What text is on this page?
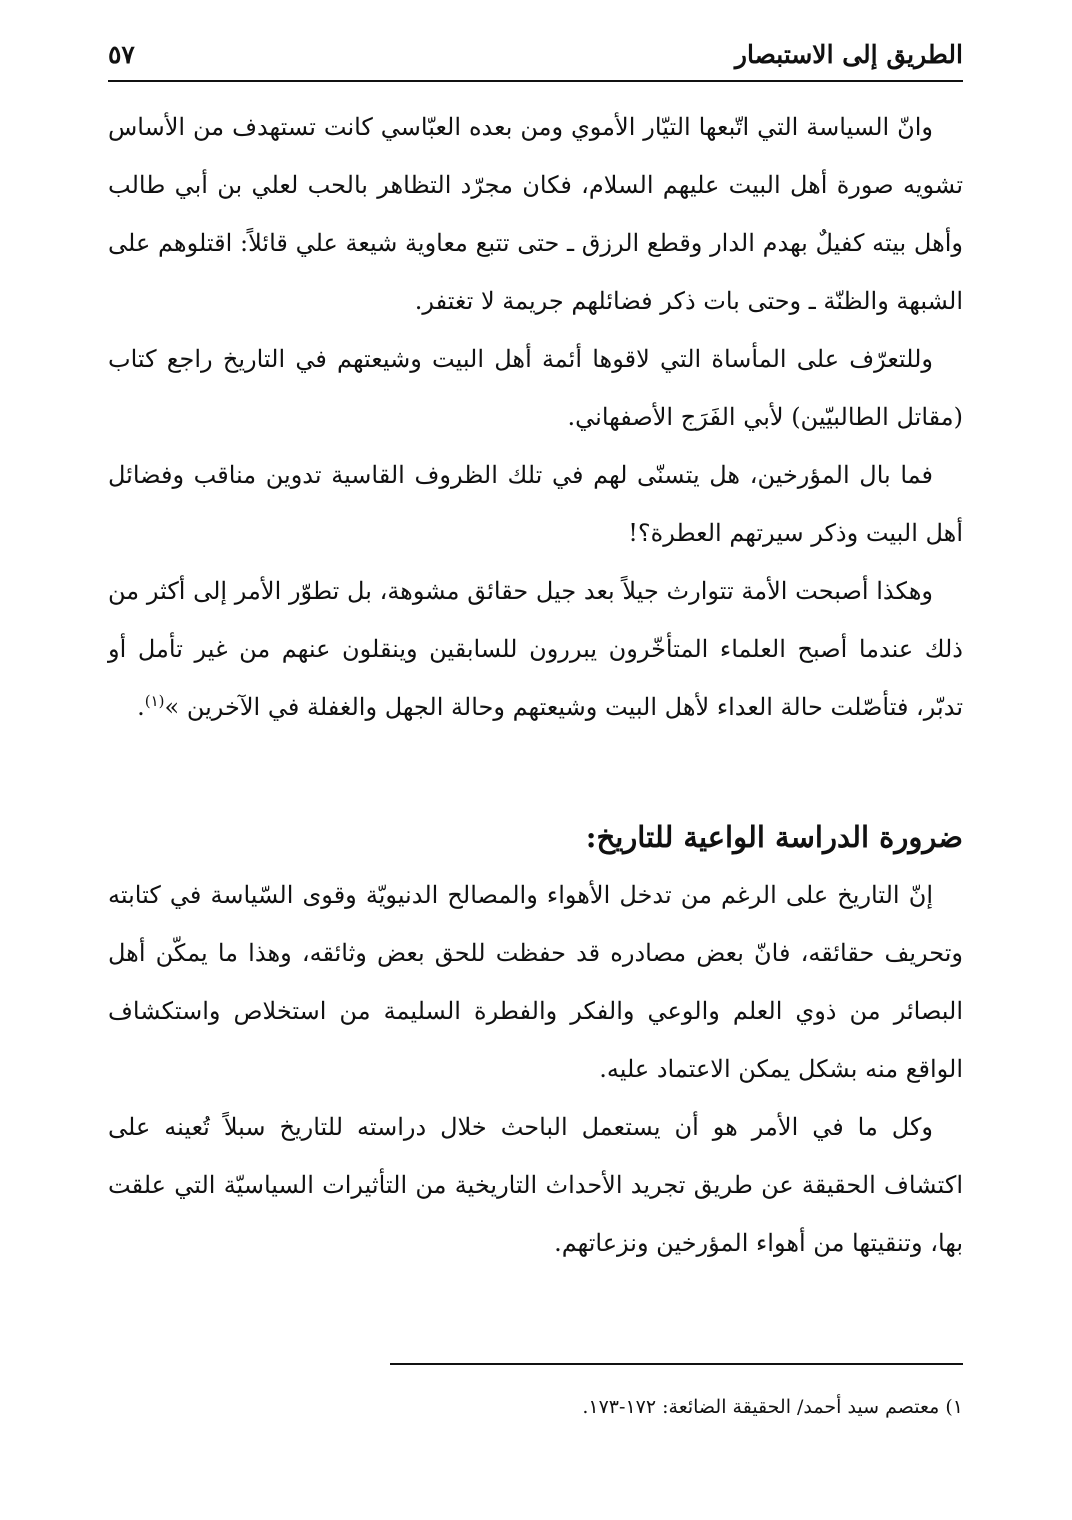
الطريق إلى الاستبصار
٥٧

وانّ السياسة التي اتّبعها التيّار الأموي ومن بعده العبّاسي كانت تستهدف من الأساس تشويه صورة أهل البيت عليهم السلام، فكان مجرّد التظاهر بالحب لعلي بن أبي طالب وأهل بيته كفيلٌ بهدم الدار وقطع الرزق ـ حتى تتبع معاوية شيعة علي قائلاً: اقتلوهم على الشبهة والظنّة ـ وحتى بات ذكر فضائلهم جريمة لا تغتفر.

وللتعرّف على المأساة التي لاقوها أئمة أهل البيت وشيعتهم في التاريخ راجع كتاب (مقاتل الطالبيّين) لأبي الفَرَج الأصفهاني.

فما بال المؤرخين، هل يتسنّى لهم في تلك الظروف القاسية تدوين مناقب وفضائل أهل البيت وذكر سيرتهم العطرة؟!

وهكذا أصبحت الأمة تتوارث جيلاً بعد جيل حقائق مشوهة، بل تطوّر الأمر إلى أكثر من ذلك عندما أصبح العلماء المتأخّرون يبررون للسابقين وينقلون عنهم من غير تأمل أو تدبّر، فتأصّلت حالة العداء لأهل البيت وشيعتهم وحالة الجهل والغفلة في الآخرين »$^{(١)}$.

ضرورة الدراسة الواعية للتاريخ:

إنّ التاريخ على الرغم من تدخل الأهواء والمصالح الدنيويّة وقوى السّياسة في كتابته وتحريف حقائقه، فانّ بعض مصادره قد حفظت للحق بعض وثائقه، وهذا ما يمكّن أهل البصائر من ذوي العلم والوعي والفكر والفطرة السليمة من استخلاص واستكشاف الواقع منه بشكل يمكن الاعتماد عليه.

وكل ما في الأمر هو أن يستعمل الباحث خلال دراسته للتاريخ سبلاً تُعينه على اكتشاف الحقيقة عن طريق تجريد الأحداث التاريخية من التأثيرات السياسيّة التي علقت بها، وتنقيتها من أهواء المؤرخين ونزعاتهم.

١) معتصم سيد أحمد/ الحقيقة الضائعة: ١٧٢-١٧٣.
